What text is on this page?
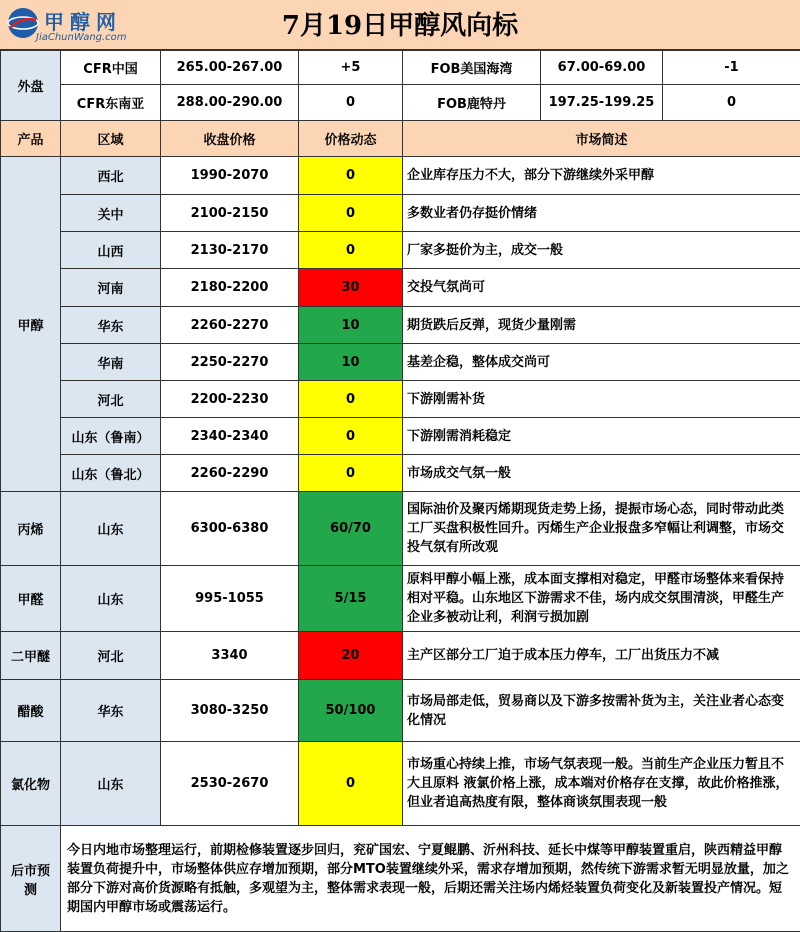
甲醇网
JiaChunWang.com	7月19日甲醇风向标
外盘	CFR中国	265.00-267.00	+5	FOB美国海湾	67.00-69.00	-1
	CFR东南亚	288.00-290.00	0	FOB鹿特丹	197.25-199.25	0
产品	区域	收盘价格	价格动态	市场简述		
甲醇	西北	1990-2070	0	企业库存压力不大，部分下游继续外采甲醇		
	关中	2100-2150	0	多数业者仍存挺价情绪		
	山西	2130-2170	0	厂家多挺价为主，成交一般		
	河南	2180-2200	30	交投气氛尚可		
	华东	2260-2270	10	期货跌后反弹，现货少量刚需		
	华南	2250-2270	10	基差企稳，整体成交尚可		
	河北	2200-2230	0	下游刚需补货		
	山东（鲁南）	2340-2340	0	下游刚需消耗稳定		
	山东（鲁北）	2260-2290	0	市场成交气氛一般		
丙烯	山东	6300-6380	60/70	国际油价及聚丙烯期现货走势上扬，提振市场心态，同时带动此类工厂买盘积极性回升。丙烯生产企业报盘多窄幅让利调整，市场交投气氛有所改观		
甲醛	山东	995-1055	5/15	原料甲醇小幅上涨，成本面支撑相对稳定，甲醛市场整体来看保持相对平稳。山东地区下游需求不佳，场内成交氛围清淡，甲醛生产企业多被动让利，利润亏损加剧		
二甲醚	河北	3340	20	主产区部分工厂迫于成本压力停车，工厂出货压力不减		
醋酸	华东	3080-3250	50/100	市场局部走低，贸易商以及下游多按需补货为主，关注业者心态变化情况		
氯化物	山东	2530-2670	0	市场重心持续上推，市场气氛表现一般。当前生产企业压力暂且不大且原料 液氯价格上涨，成本端对价格存在支撑，故此价格推涨，但业者追高热度有限，整体商谈氛围表现一般		
后市预测	今日内地市场整理运行，前期检修装置逐步回归，兖矿国宏、宁夏鲲鹏、沂州科技、延长中煤等甲醇装置重启，陕西精益甲醇装置负荷提升中，市场整体供应存增加预期，部分MTO装置继续外采，需求存增加预期，然传统下游需求暂无明显放量，加之部分下游对高价货源略有抵触，多观望为主，整体需求表现一般，后期还需关注场内烯烃装置负荷变化及新装置投产情况。短期国内甲醇市场或震荡运行。					
